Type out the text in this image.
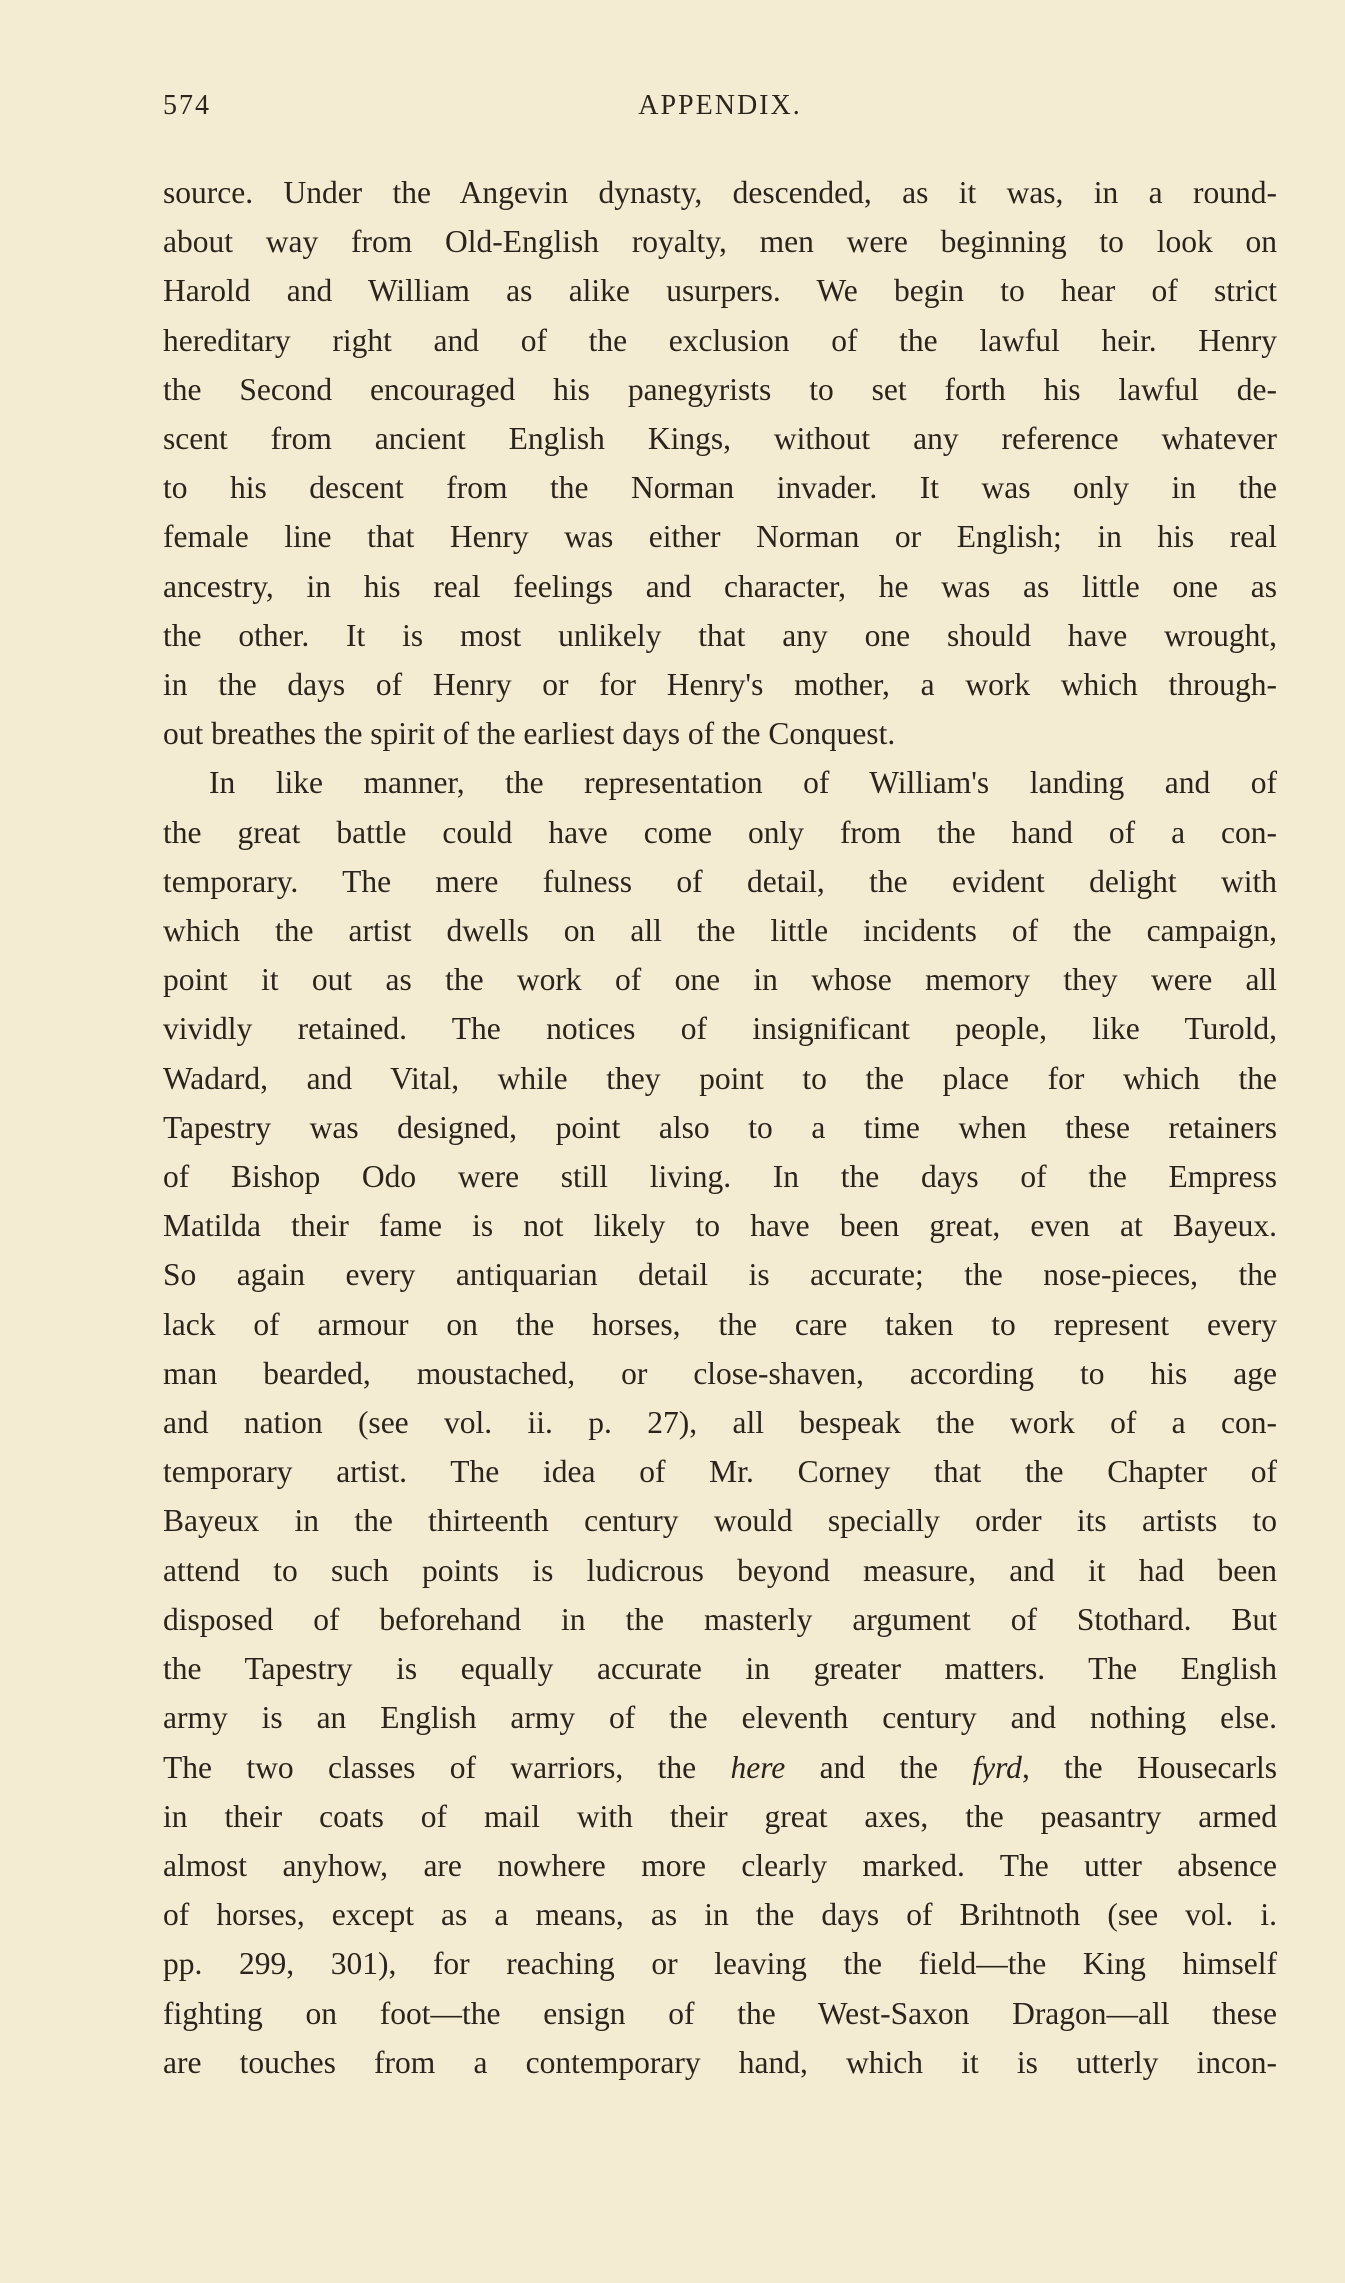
574	APPENDIX.
source. Under the Angevin dynasty, descended, as it was, in a round-
about way from Old-English royalty, men were beginning to look on
Harold and William as alike usurpers. We begin to hear of strict
hereditary right and of the exclusion of the lawful heir. Henry
the Second encouraged his panegyrists to set forth his lawful de-
scent from ancient English Kings, without any reference whatever
to his descent from the Norman invader. It was only in the
female line that Henry was either Norman or English; in his real
ancestry, in his real feelings and character, he was as little one as
the other. It is most unlikely that any one should have wrought,
in the days of Henry or for Henry's mother, a work which through-
out breathes the spirit of the earliest days of the Conquest.
In like manner, the representation of William's landing and of
the great battle could have come only from the hand of a con-
temporary. The mere fulness of detail, the evident delight with
which the artist dwells on all the little incidents of the campaign,
point it out as the work of one in whose memory they were all
vividly retained. The notices of insignificant people, like Turold,
Wadard, and Vital, while they point to the place for which the
Tapestry was designed, point also to a time when these retainers
of Bishop Odo were still living. In the days of the Empress
Matilda their fame is not likely to have been great, even at Bayeux.
So again every antiquarian detail is accurate; the nose-pieces, the
lack of armour on the horses, the care taken to represent every
man bearded, moustached, or close-shaven, according to his age
and nation (see vol. ii. p. 27), all bespeak the work of a con-
temporary artist. The idea of Mr. Corney that the Chapter of
Bayeux in the thirteenth century would specially order its artists to
attend to such points is ludicrous beyond measure, and it had been
disposed of beforehand in the masterly argument of Stothard. But
the Tapestry is equally accurate in greater matters. The English
army is an English army of the eleventh century and nothing else.
The two classes of warriors, the here and the fyrd, the Housecarls
in their coats of mail with their great axes, the peasantry armed
almost anyhow, are nowhere more clearly marked. The utter absence
of horses, except as a means, as in the days of Brihtnoth (see vol. i.
pp. 299, 301), for reaching or leaving the field—the King himself
fighting on foot—the ensign of the West-Saxon Dragon—all these
are touches from a contemporary hand, which it is utterly incon-
